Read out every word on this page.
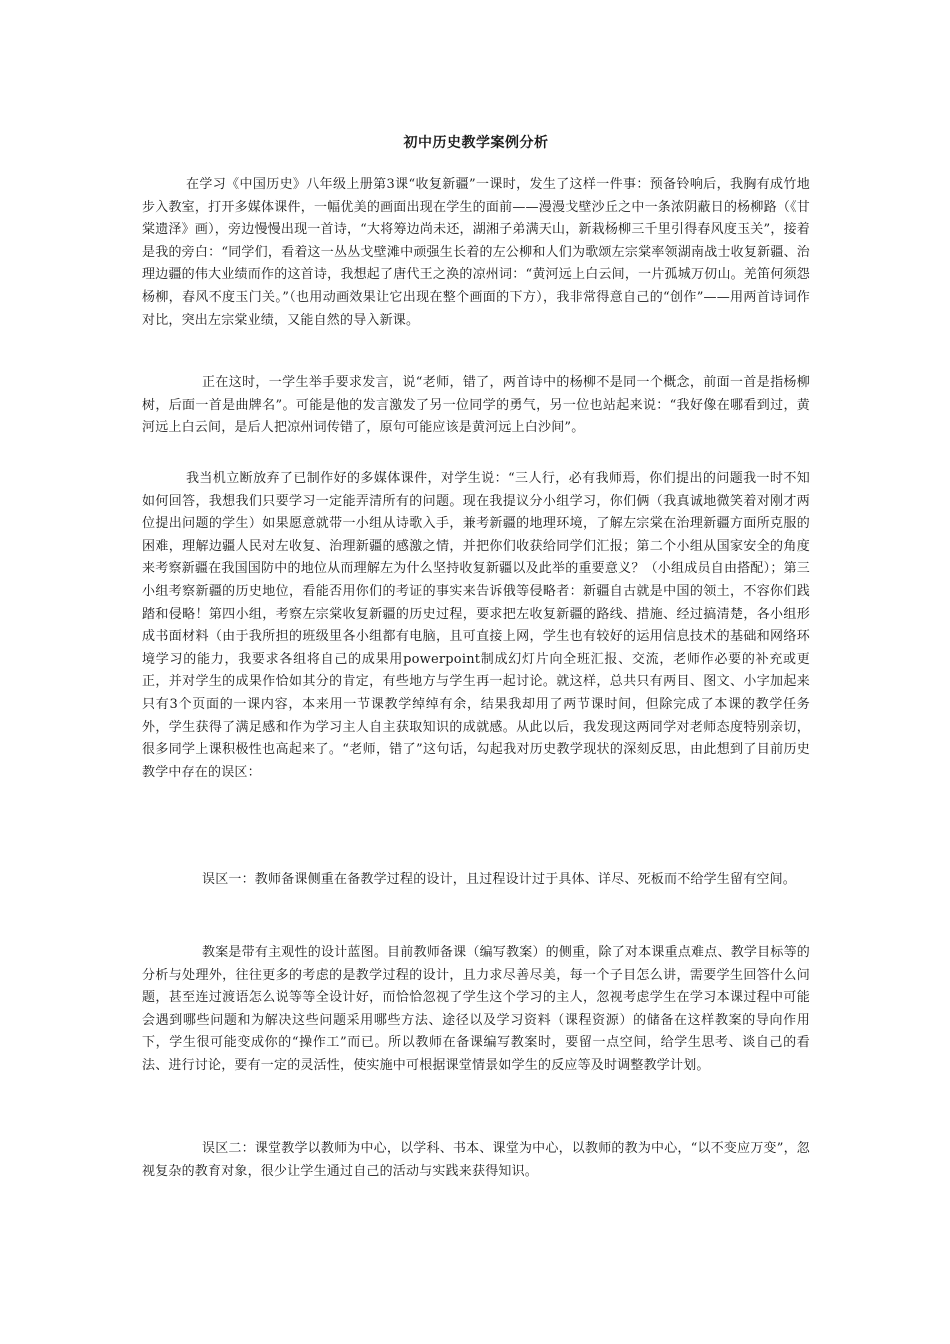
初中历史教学案例分析

在学习《中国历史》八年级上册第3课“收复新疆”一课时，发生了这样一件事：预备铃响后，我胸有成竹地步入教室，打开多媒体课件，一幅优美的画面出现在学生的面前——漫漫戈壁沙丘之中一条浓阴蔽日的杨柳路（《甘棠遗泽》画），旁边慢慢出现一首诗，“大将筹边尚未还，湖湘子弟满天山，新栽杨柳三千里引得春风度玉关”，接着是我的旁白：“同学们，看着这一丛丛戈壁滩中顽强生长着的左公柳和人们为歌颂左宗棠率领湖南战士收复新疆、治理边疆的伟大业绩而作的这首诗，我想起了唐代王之涣的凉州词：“黄河远上白云间，一片孤城万仞山。羌笛何须怨杨柳，春风不度玉门关。”（也用动画效果让它出现在整个画面的下方），我非常得意自己的“创作”——用两首诗词作对比，突出左宗棠业绩，又能自然的导入新课。

正在这时，一学生举手要求发言，说“老师，错了，两首诗中的杨柳不是同一个概念，前面一首是指杨柳树，后面一首是曲牌名”。可能是他的发言激发了另一位同学的勇气，另一位也站起来说：“我好像在哪看到过，黄河远上白云间，是后人把凉州词传错了，原句可能应该是黄河远上白沙间”。

我当机立断放弃了已制作好的多媒体课件，对学生说：“三人行，必有我师焉，你们提出的问题我一时不知如何回答，我想我们只要学习一定能弄清所有的问题。现在我提议分小组学习，你们俩（我真诚地微笑着对刚才两位提出问题的学生）如果愿意就带一小组从诗歌入手，兼考新疆的地理环境，了解左宗棠在治理新疆方面所克服的困难，理解边疆人民对左收复、治理新疆的感激之情，并把你们收获给同学们汇报；第二个小组从国家安全的角度来考察新疆在我国国防中的地位从而理解左为什么坚持收复新疆以及此举的重要意义？（小组成员自由搭配）；第三小组考察新疆的历史地位，看能否用你们的考证的事实来告诉俄等侵略者：新疆自古就是中国的领土，不容你们践踏和侵略！第四小组，考察左宗棠收复新疆的历史过程，要求把左收复新疆的路线、措施、经过搞清楚，各小组形成书面材料（由于我所担的班级里各小组都有电脑，且可直接上网，学生也有较好的运用信息技术的基础和网络环境学习的能力，我要求各组将自己的成果用powerpoint制成幻灯片向全班汇报、交流，老师作必要的补充或更正，并对学生的成果作恰如其分的肯定，有些地方与学生再一起讨论。就这样，总共只有两目、图文、小字加起来只有3个页面的一课内容，本来用一节课教学绰绰有余，结果我却用了两节课时间，但除完成了本课的教学任务外，学生获得了满足感和作为学习主人自主获取知识的成就感。从此以后，我发现这两同学对老师态度特别亲切，很多同学上课积极性也高起来了。“老师，错了”这句话，勾起我对历史教学现状的深刻反思，由此想到了目前历史教学中存在的误区：

误区一：教师备课侧重在备教学过程的设计，且过程设计过于具体、详尽、死板而不给学生留有空间。

教案是带有主观性的设计蓝图。目前教师备课（编写教案）的侧重，除了对本课重点难点、教学目标等的分析与处理外，往往更多的考虑的是教学过程的设计，且力求尽善尽美，每一个子目怎么讲，需要学生回答什么问题，甚至连过渡语怎么说等等全设计好，而恰恰忽视了学生这个学习的主人，忽视考虑学生在学习本课过程中可能会遇到哪些问题和为解决这些问题采用哪些方法、途径以及学习资料（课程资源）的储备在这样教案的导向作用下，学生很可能变成你的“操作工”而已。所以教师在备课编写教案时，要留一点空间，给学生思考、谈自己的看法、进行讨论，要有一定的灵活性，使实施中可根据课堂情景如学生的反应等及时调整教学计划。

误区二：课堂教学以教师为中心，以学科、书本、课堂为中心，以教师的教为中心，“以不变应万变”，忽视复杂的教育对象，很少让学生通过自己的活动与实践来获得知识。
